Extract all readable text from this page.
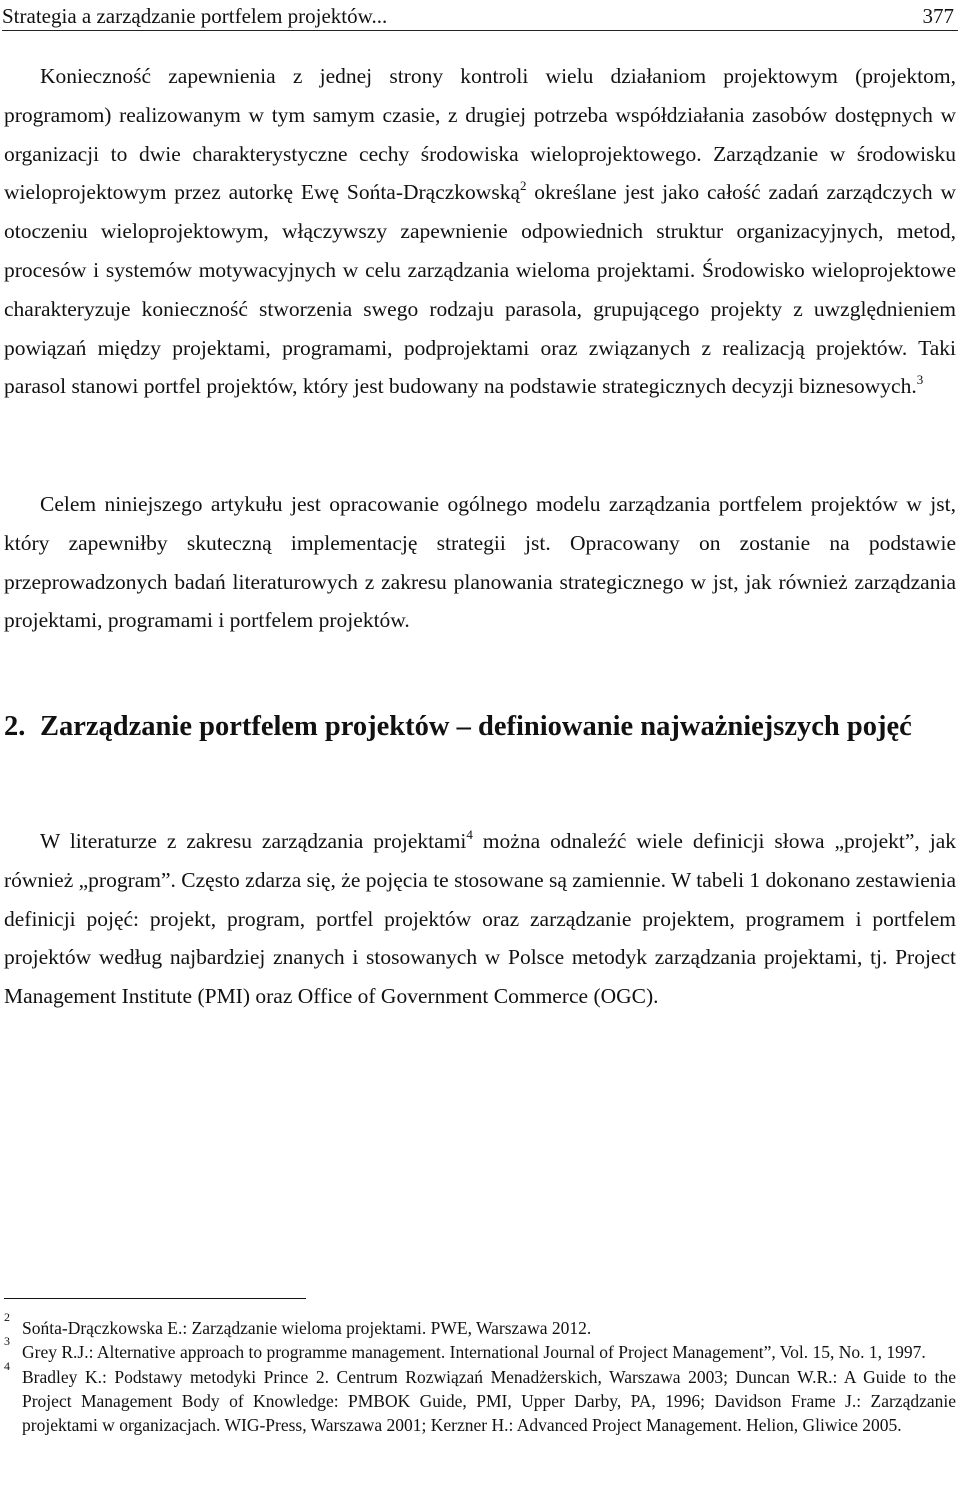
Strategia a zarządzanie portfelem projektów...	377

Konieczność zapewnienia z jednej strony kontroli wielu działaniom projektowym (projektom, programom) realizowanym w tym samym czasie, z drugiej potrzeba współdziałania zasobów dostępnych w organizacji to dwie charakterystyczne cechy środowiska wieloprojektowego. Zarządzanie w środowisku wieloprojektowym przez autorkę Ewę Sońta-Drączkowską$^2$ określane jest jako całość zadań zarządczych w otoczeniu wieloprojektowym, włączywszy zapewnienie odpowiednich struktur organizacyjnych, metod, procesów i systemów motywacyjnych w celu zarządzania wieloma projektami. Środowisko wieloprojektowe charakteryzuje konieczność stworzenia swego rodzaju parasola, grupującego projekty z uwzględnieniem powiązań między projektami, programami, podprojektami oraz związanych z realizacją projektów. Taki parasol stanowi portfel projektów, który jest budowany na podstawie strategicznych decyzji biznesowych.$^3$

Celem niniejszego artykułu jest opracowanie ogólnego modelu zarządzania portfelem projektów w jst, który zapewniłby skuteczną implementację strategii jst. Opracowany on zostanie na podstawie przeprowadzonych badań literaturowych z zakresu planowania strategicznego w jst, jak również zarządzania projektami, programami i portfelem projektów.

2. Zarządzanie portfelem projektów – definiowanie najważniejszych pojęć

W literaturze z zakresu zarządzania projektami$^4$ można odnaleźć wiele definicji słowa „projekt”, jak również „program”. Często zdarza się, że pojęcia te stosowane są zamiennie. W tabeli 1 dokonano zestawienia definicji pojęć: projekt, program, portfel projektów oraz zarządzanie projektem, programem i portfelem projektów według najbardziej znanych i stosowanych w Polsce metodyk zarządzania projektami, tj. Project Management Institute (PMI) oraz Office of Government Commerce (OGC).

2
Sońta-Drączkowska E.: Zarządzanie wieloma projektami. PWE, Warszawa 2012.

3
Grey R.J.: Alternative approach to programme management. International Journal of Project Management”, Vol. 15, No. 1, 1997.

4
Bradley K.: Podstawy metodyki Prince 2. Centrum Rozwiązań Menadżerskich, Warszawa 2003; Duncan W.R.: A Guide to the Project Management Body of Knowledge: PMBOK Guide, PMI, Upper Darby, PA, 1996; Davidson Frame J.: Zarządzanie projektami w organizacjach. WIG-Press, Warszawa 2001; Kerzner H.: Advanced Project Management. Helion, Gliwice 2005.
